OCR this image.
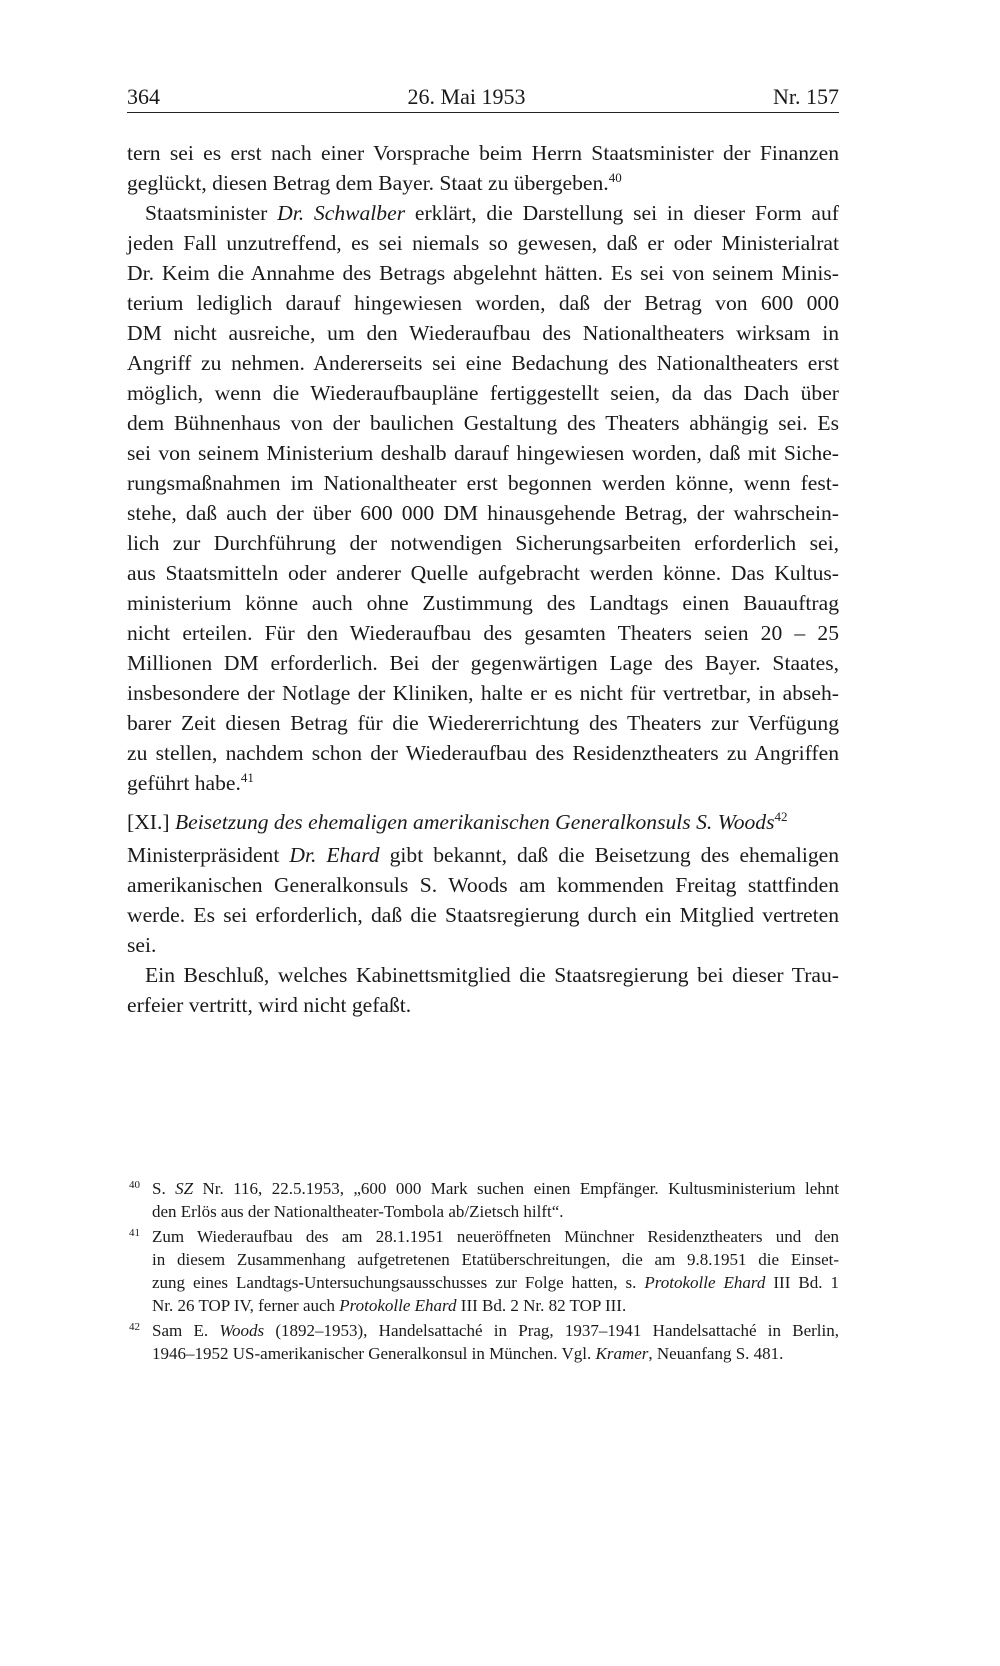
364	26. Mai 1953	Nr. 157
tern sei es erst nach einer Vorsprache beim Herrn Staatsminister der Finanzen
geglückt, diesen Betrag dem Bayer. Staat zu übergeben.$^{40}$
Staatsminister Dr. Schwalber erklärt, die Darstellung sei in dieser Form auf
jeden Fall unzutreffend, es sei niemals so gewesen, daß er oder Ministerialrat
Dr. Keim die Annahme des Betrags abgelehnt hätten. Es sei von seinem Minis-
terium lediglich darauf hingewiesen worden, daß der Betrag von 600 000
DM nicht ausreiche, um den Wiederaufbau des Nationaltheaters wirksam in
Angriff zu nehmen. Andererseits sei eine Bedachung des Nationaltheaters erst
möglich, wenn die Wiederaufbaupläne fertiggestellt seien, da das Dach über
dem Bühnenhaus von der baulichen Gestaltung des Theaters abhängig sei. Es
sei von seinem Ministerium deshalb darauf hingewiesen worden, daß mit Siche-
rungsmaßnahmen im Nationaltheater erst begonnen werden könne, wenn fest-
stehe, daß auch der über 600 000 DM hinausgehende Betrag, der wahrschein-
lich zur Durchführung der notwendigen Sicherungsarbeiten erforderlich sei,
aus Staatsmitteln oder anderer Quelle aufgebracht werden könne. Das Kultus-
ministerium könne auch ohne Zustimmung des Landtags einen Bauauftrag
nicht erteilen. Für den Wiederaufbau des gesamten Theaters seien 20 – 25
Millionen DM erforderlich. Bei der gegenwärtigen Lage des Bayer. Staates,
insbesondere der Notlage der Kliniken, halte er es nicht für vertretbar, in abseh-
barer Zeit diesen Betrag für die Wiedererrichtung des Theaters zur Verfügung
zu stellen, nachdem schon der Wiederaufbau des Residenztheaters zu Angriffen
geführt habe.$^{41}$
[XI.] Beisetzung des ehemaligen amerikanischen Generalkonsuls S. Woods$^{42}$
Ministerpräsident Dr. Ehard gibt bekannt, daß die Beisetzung des ehemaligen
amerikanischen Generalkonsuls S. Woods am kommenden Freitag stattfinden
werde. Es sei erforderlich, daß die Staatsregierung durch ein Mitglied vertreten
sei.
Ein Beschluß, welches Kabinettsmitglied die Staatsregierung bei dieser Trau-
erfeier vertritt, wird nicht gefaßt.
40 S. SZ Nr. 116, 22.5.1953, „600 000 Mark suchen einen Empfänger. Kultusministerium lehnt
den Erlös aus der Nationaltheater-Tombola ab/Zietsch hilft“.
41 Zum Wiederaufbau des am 28.1.1951 neueröffneten Münchner Residenztheaters und den
in diesem Zusammenhang aufgetretenen Etatüberschreitungen, die am 9.8.1951 die Einset-
zung eines Landtags-Untersuchungsausschusses zur Folge hatten, s. Protokolle Ehard III Bd. 1
Nr. 26 TOP IV, ferner auch Protokolle Ehard III Bd. 2 Nr. 82 TOP III.
42 Sam E. Woods (1892–1953), Handelsattaché in Prag, 1937–1941 Handelsattaché in Berlin,
1946–1952 US-amerikanischer Generalkonsul in München. Vgl. Kramer, Neuanfang S. 481.
